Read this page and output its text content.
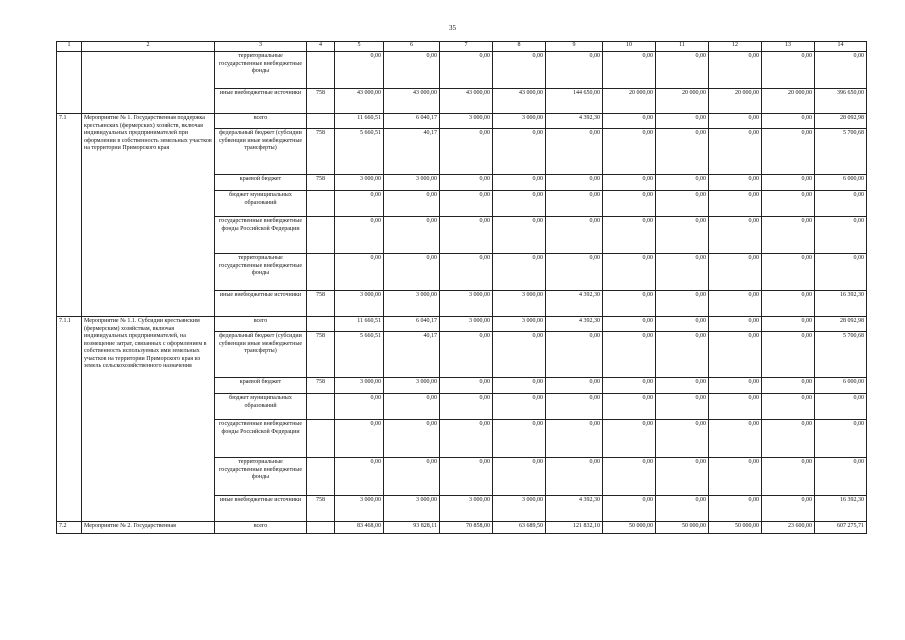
35
1	2	3	4	5	6	7	8	9	10	11	12	13	14
		территориальные государственные внебюджетные фонды		0,00	0,00	0,00	0,00	0,00	0,00	0,00	0,00	0,00	0,00
		иные внебюджетные источники	758	43 000,00	43 000,00	43 000,00	43 000,00	144 650,00	20 000,00	20 000,00	20 000,00	20 000,00	396 650,00
7.1	Мероприятие № 1. Государственная поддержка крестьянских (фермерских) хозяйств, включая индивидуальных предпринимателей при оформлении в собственность земельных участков на территории Приморского края	всего		11 660,51	6 040,17	3 000,00	3 000,00	4 392,30	0,00	0,00	0,00	0,00	28 092,98
		федеральный бюджет (субсидии субвенции иные межбюджетные трансферты)	758	5 660,51	40,17	0,00	0,00	0,00	0,00	0,00	0,00	0,00	5 700,68
		краевой бюджет	758	3 000,00	3 000,00	0,00	0,00	0,00	0,00	0,00	0,00	0,00	6 000,00
		бюджет муниципальных образований		0,00	0,00	0,00	0,00	0,00	0,00	0,00	0,00	0,00	0,00
		государственные внебюджетные фонды Российской Федерации		0,00	0,00	0,00	0,00	0,00	0,00	0,00	0,00	0,00	0,00
		территориальные государственные внебюджетные фонды		0,00	0,00	0,00	0,00	0,00	0,00	0,00	0,00	0,00	0,00
		иные внебюджетные источники	758	3 000,00	3 000,00	3 000,00	3 000,00	4 392,30	0,00	0,00	0,00	0,00	16 392,30
7.1.1	Мероприятие № 1.1. Субсидии крестьянским (фермерским) хозяйствам, включая индивидуальных предпринимателей, на возмещение затрат, связанных с оформлением в собственность используемых ими земельных участков на территории Приморского края из земель сельскохозяйственного назначения	всего		11 660,51	6 040,17	3 000,00	3 000,00	4 392,30	0,00	0,00	0,00	0,00	28 092,98
		федеральный бюджет (субсидии субвенции иные межбюджетные трансферты)	758	5 660,51	40,17	0,00	0,00	0,00	0,00	0,00	0,00	0,00	5 700,68
		краевой бюджет	758	3 000,00	3 000,00	0,00	0,00	0,00	0,00	0,00	0,00	0,00	6 000,00
		бюджет муниципальных образований		0,00	0,00	0,00	0,00	0,00	0,00	0,00	0,00	0,00	0,00
		государственные внебюджетные фонды Российской Федерации		0,00	0,00	0,00	0,00	0,00	0,00	0,00	0,00	0,00	0,00
		территориальные государственные внебюджетные фонды		0,00	0,00	0,00	0,00	0,00	0,00	0,00	0,00	0,00	0,00
		иные внебюджетные источники	758	3 000,00	3 000,00	3 000,00	3 000,00	4 392,30	0,00	0,00	0,00	0,00	16 392,30
7.2	Мероприятие № 2. Государственная	всего		83 468,00	93 828,11	70 858,00	63 689,50	121 832,10	50 000,00	50 000,00	50 000,00	23 600,00	607 275,71
